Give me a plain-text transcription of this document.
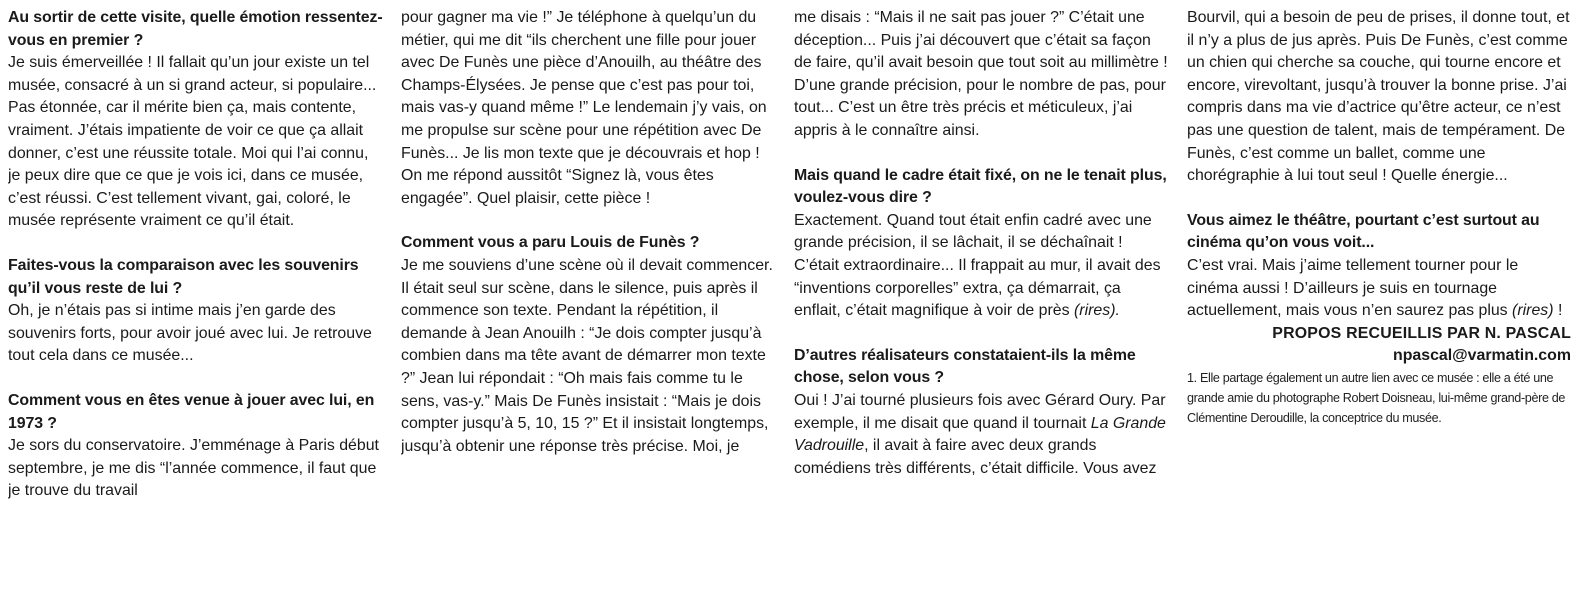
Au sortir de cette visite, quelle émotion ressentez-vous en premier ?

Je suis émerveillée ! Il fallait qu’un jour existe un tel musée, consacré à un si grand acteur, si populaire... Pas étonnée, car il mérite bien ça, mais contente, vraiment. J’étais impatiente de voir ce que ça allait donner, c’est une réussite totale. Moi qui l’ai connu, je peux dire que ce que je vois ici, dans ce musée, c’est réussi. C’est tellement vivant, gai, coloré, le musée représente vraiment ce qu’il était.

Faites-vous la comparaison avec les souvenirs qu’il vous reste de lui ?

Oh, je n’étais pas si intime mais j’en garde des souvenirs forts, pour avoir joué avec lui. Je retrouve tout cela dans ce musée...

Comment vous en êtes venue à jouer avec lui, en 1973 ?

Je sors du conservatoire. J’emménage à Paris début septembre, je me dis “l’année commence, il faut que je trouve du travail

pour gagner ma vie !” Je téléphone à quelqu’un du métier, qui me dit “ils cherchent une fille pour jouer avec De Funès une pièce d’Anouilh, au théâtre des Champs-Élysées. Je pense que c’est pas pour toi, mais vas-y quand même !” Le lendemain j’y vais, on me propulse sur scène pour une répétition avec De Funès... Je lis mon texte que je découvrais et hop ! On me répond aussitôt “Signez là, vous êtes engagée”. Quel plaisir, cette pièce !

Comment vous a paru Louis de Funès ?

Je me souviens d’une scène où il devait commencer. Il était seul sur scène, dans le silence, puis après il commence son texte. Pendant la répétition, il demande à Jean Anouilh : “Je dois compter jusqu’à combien dans ma tête avant de démarrer mon texte ?” Jean lui répondait : “Oh mais fais comme tu le sens, vas-y.” Mais De Funès insistait : “Mais je dois compter jusqu’à 5, 10, 15 ?” Et il insistait longtemps, jusqu’à obtenir une réponse très précise. Moi, je

me disais : “Mais il ne sait pas jouer ?” C’était une déception... Puis j’ai découvert que c’était sa façon de faire, qu’il avait besoin que tout soit au millimètre ! D’une grande précision, pour le nombre de pas, pour tout... C’est un être très précis et méticuleux, j’ai appris à le connaître ainsi.

Mais quand le cadre était fixé, on ne le tenait plus, voulez-vous dire ?

Exactement. Quand tout était enfin cadré avec une grande précision, il se lâchait, il se déchaînait ! C’était extraordinaire... Il frappait au mur, il avait des “inventions corporelles” extra, ça démarrait, ça enflait, c’était magnifique à voir de près (rires).

D’autres réalisateurs constataient-ils la même chose, selon vous ?

Oui ! J’ai tourné plusieurs fois avec Gérard Oury. Par exemple, il me disait que quand il tournait La Grande Vadrouille, il avait à faire avec deux grands comédiens très différents, c’était difficile. Vous avez

Bourvil, qui a besoin de peu de prises, il donne tout, et il n’y a plus de jus après. Puis De Funès, c’est comme un chien qui cherche sa couche, qui tourne encore et encore, virevoltant, jusqu’à trouver la bonne prise. J’ai compris dans ma vie d’actrice qu’être acteur, ce n’est pas une question de talent, mais de tempérament. De Funès, c’est comme un ballet, comme une chorégraphie à lui tout seul ! Quelle énergie...

Vous aimez le théâtre, pourtant c’est surtout au cinéma qu’on vous voit...

C’est vrai. Mais j’aime tellement tourner pour le cinéma aussi ! D’ailleurs je suis en tournage actuellement, mais vous n’en saurez pas plus (rires) !

PROPOS RECUEILLIS PAR N. PASCAL

npascal@varmatin.com

1. Elle partage également un autre lien avec ce musée : elle a été une grande amie du photographe Robert Doisneau, lui-même grand-père de Clémentine Deroudille, la conceptrice du musée.
